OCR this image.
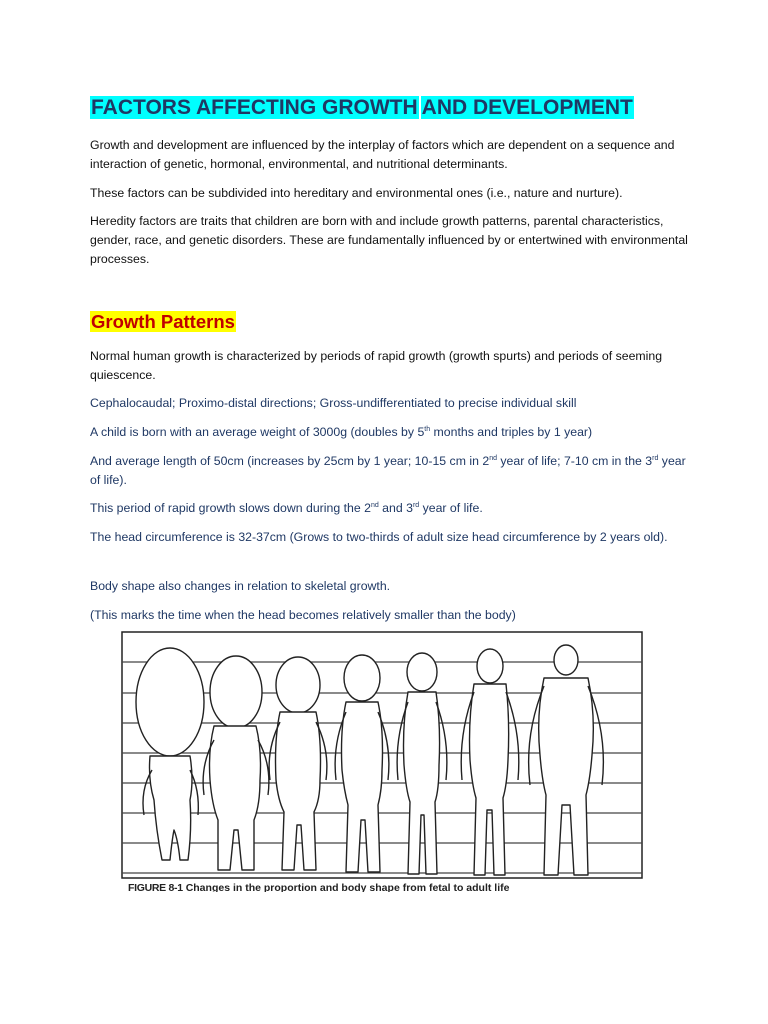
FACTORS AFFECTING GROWTH AND DEVELOPMENT

Growth and development are influenced by the interplay of factors which are dependent on a sequence and interaction of genetic, hormonal, environmental, and nutritional determinants.

These factors can be subdivided into hereditary and environmental ones (i.e., nature and nurture).

Heredity factors are traits that children are born with and include growth patterns, parental characteristics, gender, race, and genetic disorders. These are fundamentally influenced by or entertwined with environmental processes.

Growth Patterns

Normal human growth is characterized by periods of rapid growth (growth spurts) and periods of seeming quiescence.

Cephalocaudal; Proximo-distal directions; Gross-undifferentiated to precise individual skill

A child is born with an average weight of 3000g (doubles by 5th months and triples by 1 year)

And average length of 50cm (increases by 25cm by 1 year; 10-15 cm in 2nd year of life; 7-10 cm in the 3rd year of life).

This period of rapid growth slows down during the 2nd and 3rd year of life.

The head circumference is 32-37cm (Grows to two-thirds of adult size head circumference by 2 years old).

Body shape also changes in relation to skeletal growth.

(This marks the time when the head becomes relatively smaller than the body)

FIGURE 8-1 Changes in the proportion and body shape from fetal to adult life
